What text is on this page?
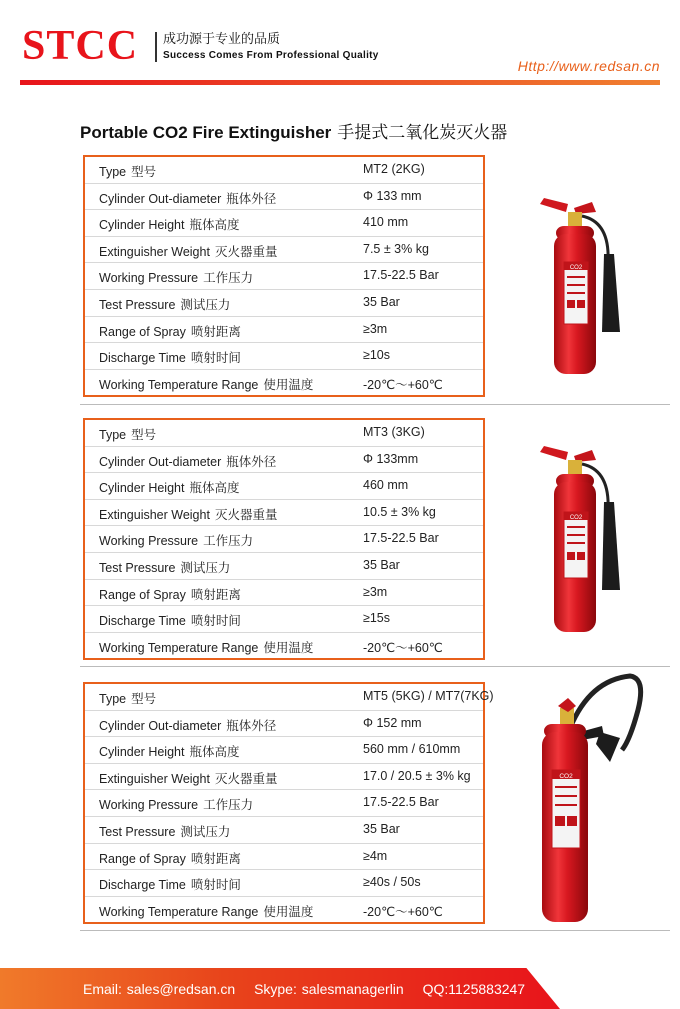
STCC 成功源于专业的品质
Success Comes From Professional Quality
Http://www.redsan.cn
Portable CO2 Fire Extinguisher 手提式二氧化炭灭火器
Type 型号	MT2 (2KG)
Cylinder Out-diameter 瓶体外径	Φ 133 mm
Cylinder Height 瓶体高度	410 mm
Extinguisher Weight 灭火器重量	7.5 ± 3% kg
Working Pressure 工作压力	17.5-22.5 Bar
Test Pressure 测试压力	35 Bar
Range of Spray 喷射距离	≥3m
Discharge Time 喷射时间	≥10s
Working Temperature Range 使用温度	-20℃～+60℃
Type 型号	MT3 (3KG)
Cylinder Out-diameter 瓶体外径	Φ 133mm
Cylinder Height 瓶体高度	460 mm
Extinguisher Weight 灭火器重量	10.5 ± 3% kg
Working Pressure 工作压力	17.5-22.5 Bar
Test Pressure 测试压力	35 Bar
Range of Spray 喷射距离	≥3m
Discharge Time 喷射时间	≥15s
Working Temperature Range 使用温度	-20℃～+60℃
Type 型号	MT5 (5KG) / MT7(7KG)
Cylinder Out-diameter 瓶体外径	Φ 152 mm
Cylinder Height 瓶体高度	560 mm / 610mm
Extinguisher Weight 灭火器重量	17.0 / 20.5 ± 3% kg
Working Pressure 工作压力	17.5-22.5 Bar
Test Pressure 测试压力	35 Bar
Range of Spray 喷射距离	≥4m
Discharge Time 喷射时间	≥40s / 50s
Working Temperature Range 使用温度	-20℃～+60℃
CO2
CO2
CO2
Email: sales@redsan.cn Skype: salesmanagerlin QQ:1125883247
